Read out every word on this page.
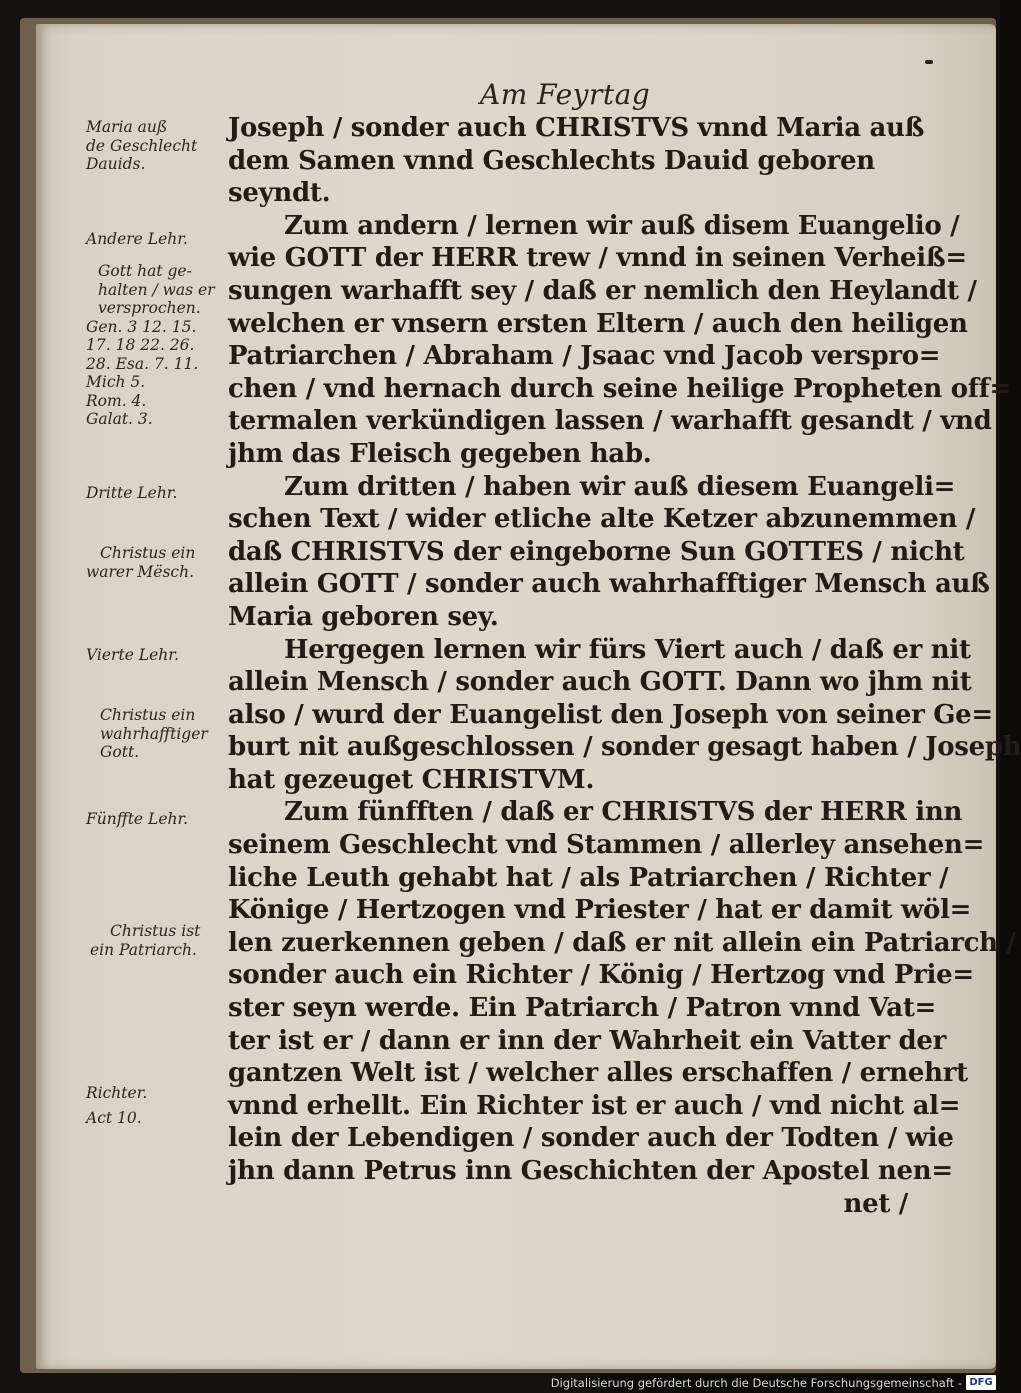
Am Feyrtag
Joseph / sonder auch CHRISTVS vnnd Maria auß
dem Samen vnnd Geschlechts Dauid geboren
seyndt.
Zum andern / lernen wir auß disem Euangelio /
wie GOTT der HERR trew / vnnd in seinen Verheiß=
sungen warhafft sey / daß er nemlich den Heylandt /
welchen er vnsern ersten Eltern / auch den heiligen
Patriarchen / Abraham / Jsaac vnd Jacob verspro=
chen / vnd hernach durch seine heilige Propheten off=
termalen verkündigen lassen / warhafft gesandt / vnd
jhm das Fleisch gegeben hab.
Zum dritten / haben wir auß diesem Euangeli=
schen Text / wider etliche alte Ketzer abzunemmen /
daß CHRISTVS der eingeborne Sun GOTTES / nicht
allein GOTT / sonder auch wahrhafftiger Mensch auß
Maria geboren sey.
Hergegen lernen wir fürs Viert auch / daß er nit
allein Mensch / sonder auch GOTT. Dann wo jhm nit
also / wurd der Euangelist den Joseph von seiner Ge=
burt nit außgeschlossen / sonder gesagt haben / Joseph
hat gezeuget CHRISTVM.
Zum fünfften / daß er CHRISTVS der HERR inn
seinem Geschlecht vnd Stammen / allerley ansehen=
liche Leuth gehabt hat / als Patriarchen / Richter /
Könige / Hertzogen vnd Priester / hat er damit wöl=
len zuerkennen geben / daß er nit allein ein Patriarch /
sonder auch ein Richter / König / Hertzog vnd Prie=
ster seyn werde. Ein Patriarch / Patron vnnd Vat=
ter ist er / dann er inn der Wahrheit ein Vatter der
gantzen Welt ist / welcher alles erschaffen / ernehrt
vnnd erhellt. Ein Richter ist er auch / vnd nicht al=
lein der Lebendigen / sonder auch der Todten / wie
jhn dann Petrus inn Geschichten der Apostel nen=
net /
Maria auß
de Geschlecht
Dauids.
Andere Lehr.
Gott hat ge-
halten / was er
versprochen.
Gen. 3 12. 15.
17. 18 22. 26.
28. Esa. 7. 11.
Mich 5.
Rom. 4.
Galat. 3.
Dritte Lehr.
Christus ein
warer Mësch.
Vierte Lehr.
Christus ein
wahrhafftiger
Gott.
Fünffte Lehr.
Christus ist
ein Patriarch.
Richter.
Act 10.
Digitalisierung gefördert durch die Deutsche Forschungsgemeinschaft - DFG
